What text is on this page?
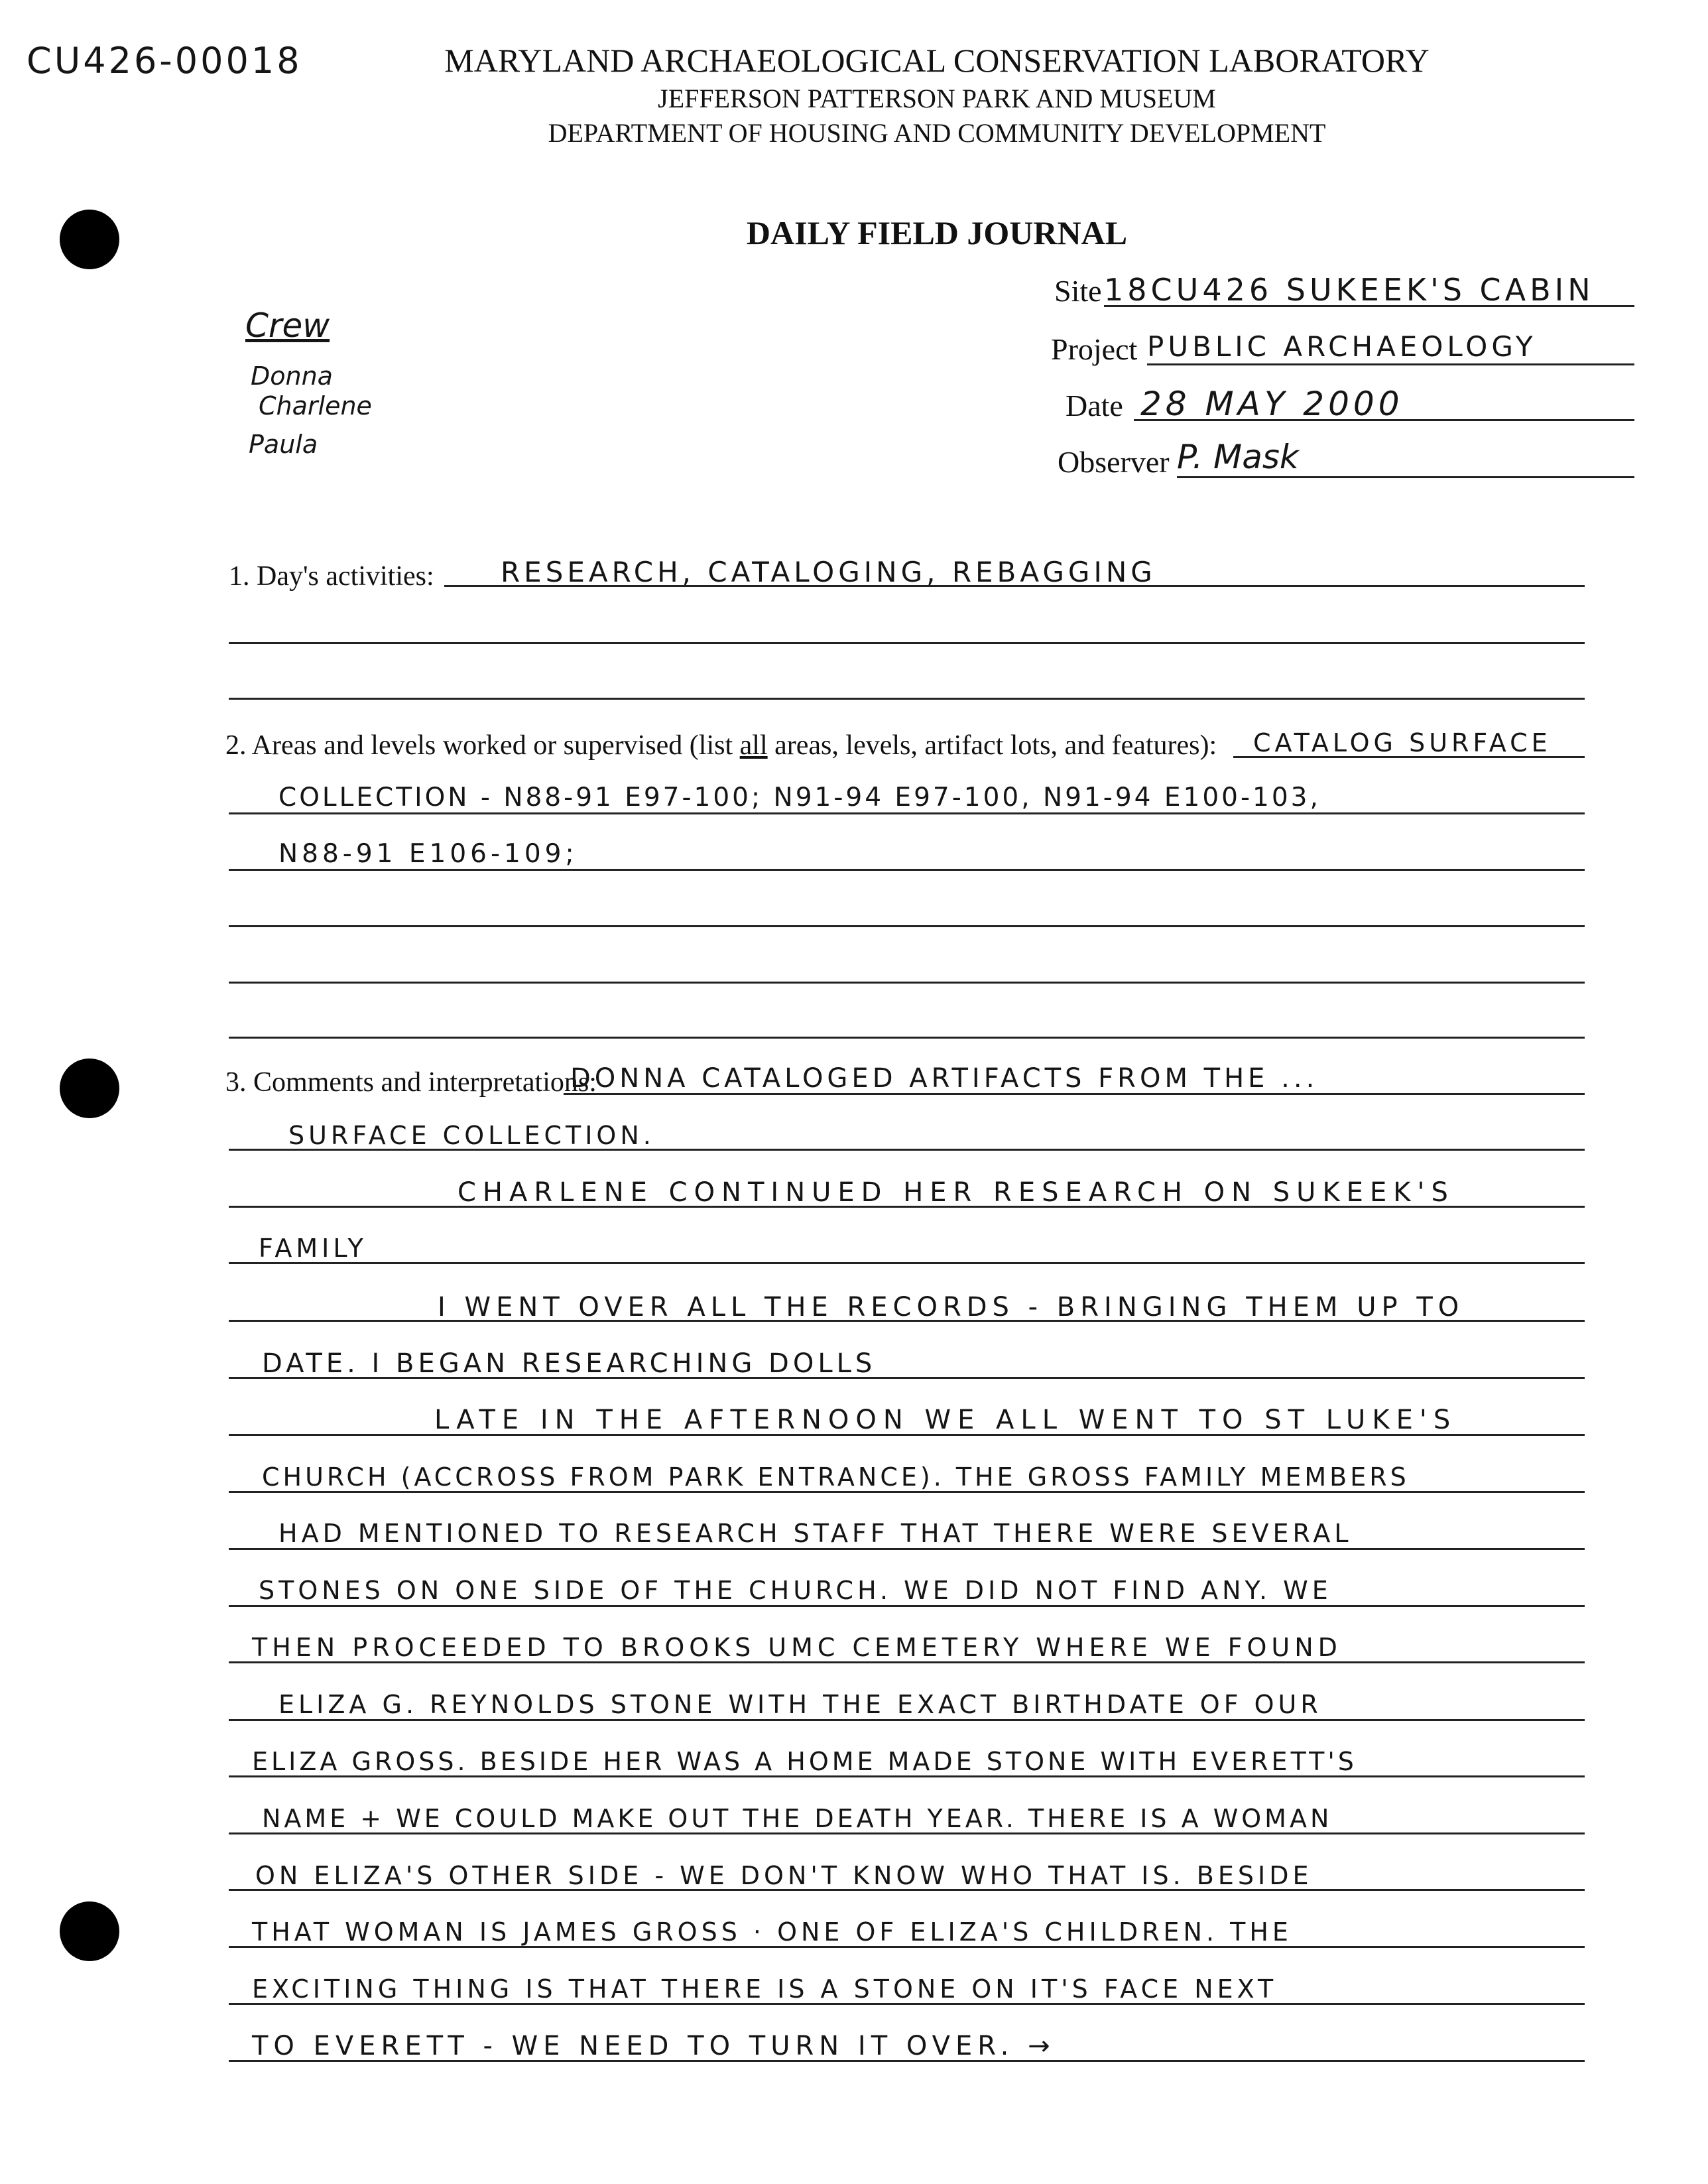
CU426-00018	MARYLAND ARCHAEOLOGICAL CONSERVATION LABORATORY
JEFFERSON PATTERSON PARK AND MUSEUM
DEPARTMENT OF HOUSING AND COMMUNITY DEVELOPMENT
DAILY FIELD JOURNAL
Crew
Donna
Charlene
Paula
Site 18CU426 SUKEEK'S CABIN
Project PUBLIC ARCHAEOLOGY
Date 28 MAY 2000
Observer P. Mask
1. Day's activities: RESEARCH, CATALOGING, REBAGGING
2. Areas and levels worked or supervised (list all areas, levels, artifact lots, and features): CATALOG SURFACE
COLLECTION - N88-91 E97-100; N91-94 E97-100, N91-94 E100-103,
N88-91 E106-109;
3. Comments and interpretations:
DONNA CATALOGED ARTIFACTS FROM THE ...
SURFACE COLLECTION.
CHARLENE CONTINUED HER RESEARCH ON SUKEEK'S
FAMILY
I WENT OVER ALL THE RECORDS - BRINGING THEM UP TO
DATE. I BEGAN RESEARCHING DOLLS
LATE IN THE AFTERNOON WE ALL WENT TO ST LUKE'S
CHURCH (ACCROSS FROM PARK ENTRANCE). THE GROSS FAMILY MEMBERS
HAD MENTIONED TO RESEARCH STAFF THAT THERE WERE SEVERAL
STONES ON ONE SIDE OF THE CHURCH. WE DID NOT FIND ANY. WE
THEN PROCEEDED TO BROOKS UMC CEMETERY WHERE WE FOUND
ELIZA G. REYNOLDS STONE WITH THE EXACT BIRTHDATE OF OUR
ELIZA GROSS. BESIDE HER WAS A HOME MADE STONE WITH EVERETT'S
NAME + WE COULD MAKE OUT THE DEATH YEAR. THERE IS A WOMAN
ON ELIZA'S OTHER SIDE - WE DON'T KNOW WHO THAT IS. BESIDE
THAT WOMAN IS JAMES GROSS · ONE OF ELIZA'S CHILDREN. THE
EXCITING THING IS THAT THERE IS A STONE ON IT'S FACE NEXT
TO EVERETT - WE NEED TO TURN IT OVER. →
